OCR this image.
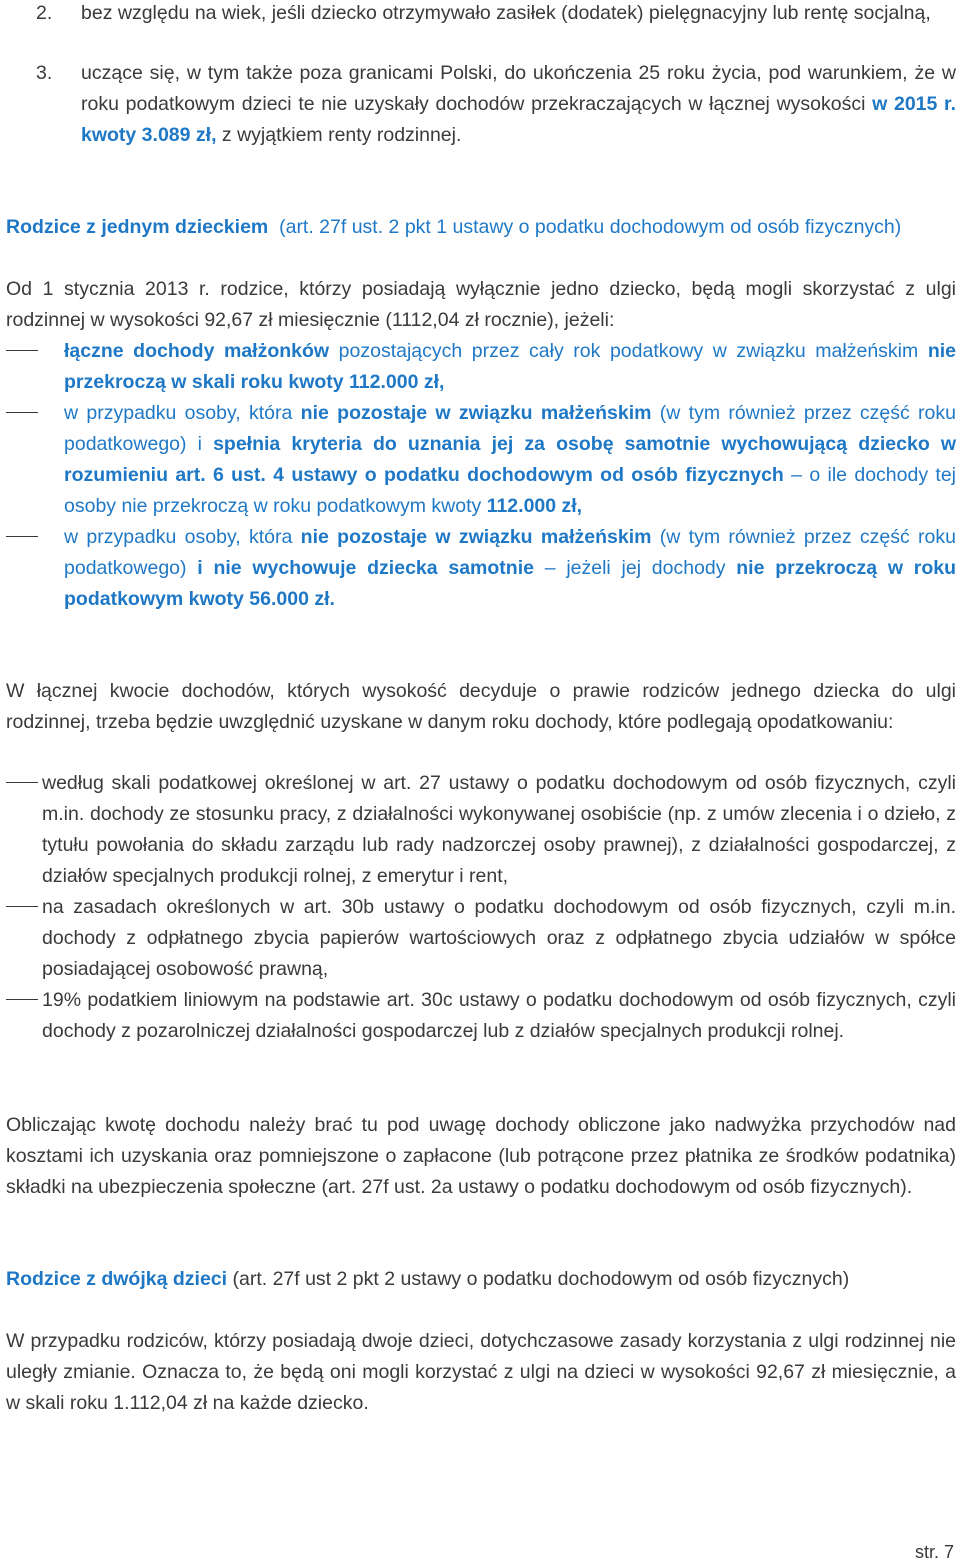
2.	bez względu na wiek, jeśli dziecko otrzymywało zasiłek (dodatek) pielęgnacyjny lub rentę socjalną,

3.	uczące się, w tym także poza granicami Polski, do ukończenia 25 roku życia, pod warunkiem, że w roku podatkowym dzieci te nie uzyskały dochodów przekraczających w łącznej wysokości w 2015 r. kwoty 3.089 zł, z wyjątkiem renty rodzinnej.

Rodzice z jednym dzieckiem  (art. 27f ust. 2 pkt 1 ustawy o podatku dochodowym od osób fizycznych)

Od 1 stycznia 2013 r. rodzice, którzy posiadają wyłącznie jedno dziecko, będą mogli skorzystać z ulgi rodzinnej w wysokości 92,67 zł miesięcznie (1112,04 zł rocznie), jeżeli:

łączne dochody małżonków pozostających przez cały rok podatkowy w związku małżeńskim nie przekroczą w skali roku kwoty 112.000 zł,
w przypadku osoby, która nie pozostaje w związku małżeńskim (w tym również przez część roku podatkowego) i spełnia kryteria do uznania jej za osobę samotnie wychowującą dziecko w rozumieniu art. 6 ust. 4 ustawy o podatku dochodowym od osób fizycznych – o ile dochody tej osoby nie przekroczą w roku podatkowym kwoty 112.000 zł,
w przypadku osoby, która nie pozostaje w związku małżeńskim (w tym również przez część roku podatkowego) i nie wychowuje dziecka samotnie – jeżeli jej dochody nie przekroczą w roku podatkowym kwoty 56.000 zł.

W łącznej kwocie dochodów, których wysokość decyduje o prawie rodziców jednego dziecka do ulgi rodzinnej, trzeba będzie uwzględnić uzyskane w danym roku dochody, które podlegają opodatkowaniu:

według skali podatkowej określonej w art. 27 ustawy o podatku dochodowym od osób fizycznych, czyli m.in. dochody ze stosunku pracy, z działalności wykonywanej osobiście (np. z umów zlecenia i o dzieło, z tytułu powołania do składu zarządu lub rady nadzorczej osoby prawnej), z działalności gospodarczej, z działów specjalnych produkcji rolnej, z emerytur i rent,
na zasadach określonych w art. 30b ustawy o podatku dochodowym od osób fizycznych, czyli m.in. dochody z odpłatnego zbycia papierów wartościowych oraz z odpłatnego zbycia udziałów w spółce posiadającej osobowość prawną,
19% podatkiem liniowym na podstawie art. 30c ustawy o podatku dochodowym od osób fizycznych, czyli dochody z pozarolniczej działalności gospodarczej lub z działów specjalnych produkcji rolnej.

Obliczając kwotę dochodu należy brać tu pod uwagę dochody obliczone jako nadwyżka przychodów nad kosztami ich uzyskania oraz pomniejszone o zapłacone (lub potrącone przez płatnika ze środków podatnika) składki na ubezpieczenia społeczne (art. 27f ust. 2a ustawy o podatku dochodowym od osób fizycznych).

Rodzice z dwójką dzieci (art. 27f ust 2 pkt 2 ustawy o podatku dochodowym od osób fizycznych)

W przypadku rodziców, którzy posiadają dwoje dzieci, dotychczasowe zasady korzystania z ulgi rodzinnej nie uległy zmianie. Oznacza to, że będą oni mogli korzystać z ulgi na dzieci w wysokości 92,67 zł miesięcznie, a w skali roku 1.112,04 zł na każde dziecko.

str. 7
